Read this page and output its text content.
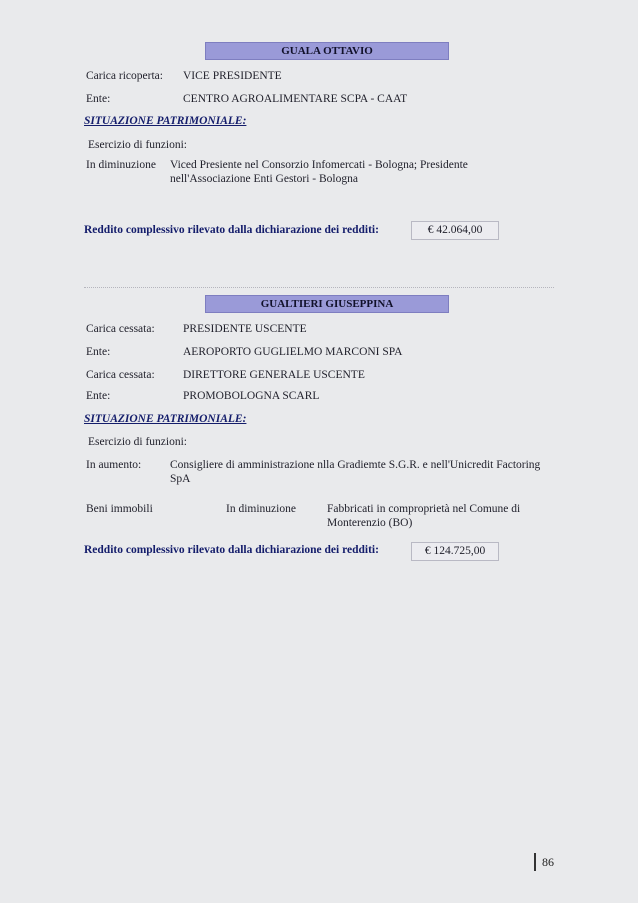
GUALA OTTAVIO
Carica ricoperta: VICE PRESIDENTE
Ente:	CENTRO AGROALIMENTARE SCPA - CAAT
SITUAZIONE PATRIMONIALE:
Esercizio di funzioni:
In diminuzione Viced Presiente nel Consorzio Infomercati - Bologna; Presidente nell'Associazione Enti Gestori - Bologna
Reddito complessivo rilevato dalla dichiarazione dei redditi:	€ 42.064,00
GUALTIERI GIUSEPPINA
Carica cessata: PRESIDENTE USCENTE
Ente:	AEROPORTO GUGLIELMO MARCONI SPA
Carica cessata: DIRETTORE GENERALE USCENTE
Ente:	PROMOBOLOGNA SCARL
SITUAZIONE PATRIMONIALE:
Esercizio di funzioni:
In aumento:	Consigliere di amministrazione nlla Gradiemte S.G.R. e nell'Unicredit Factoring SpA
Beni immobili	In diminuzione	Fabbricati in comproprietà nel Comune di Monterenzio (BO)
Reddito complessivo rilevato dalla dichiarazione dei redditi:	€ 124.725,00
86
